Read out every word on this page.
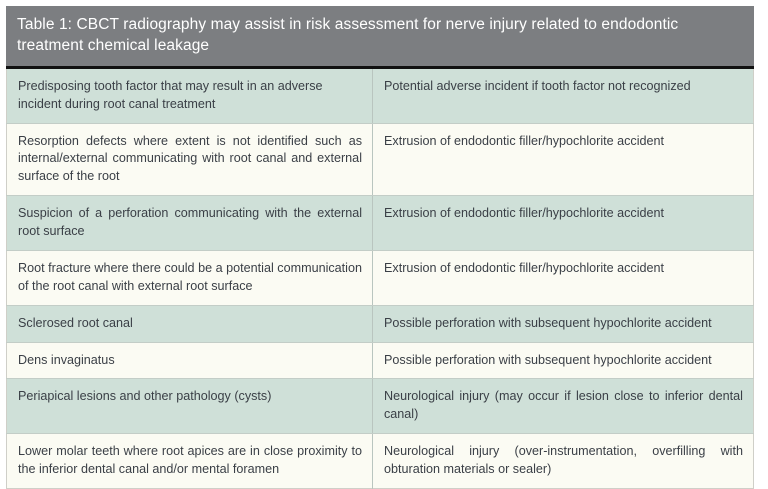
Table 1: CBCT radiography may assist in risk assessment for nerve injury related to endodontic treatment chemical leakage
Predisposing tooth factor that may result in an adverse incident during root canal treatment	Potential adverse incident if tooth factor not recognized
Resorption defects where extent is not identified such as internal/external communicating with root canal and external surface of the root	Extrusion of endodontic filler/hypochlorite accident
Suspicion of a perforation communicating with the external root surface	Extrusion of endodontic filler/hypochlorite accident
Root fracture where there could be a potential communication of the root canal with external root surface	Extrusion of endodontic filler/hypochlorite accident
Sclerosed root canal	Possible perforation with subsequent hypochlorite accident
Dens invaginatus	Possible perforation with subsequent hypochlorite accident
Periapical lesions and other pathology (cysts)	Neurological injury (may occur if lesion close to inferior dental canal)
Lower molar teeth where root apices are in close proximity to the inferior dental canal and/or mental foramen	Neurological injury (over-instrumentation, overfilling with obturation materials or sealer)
